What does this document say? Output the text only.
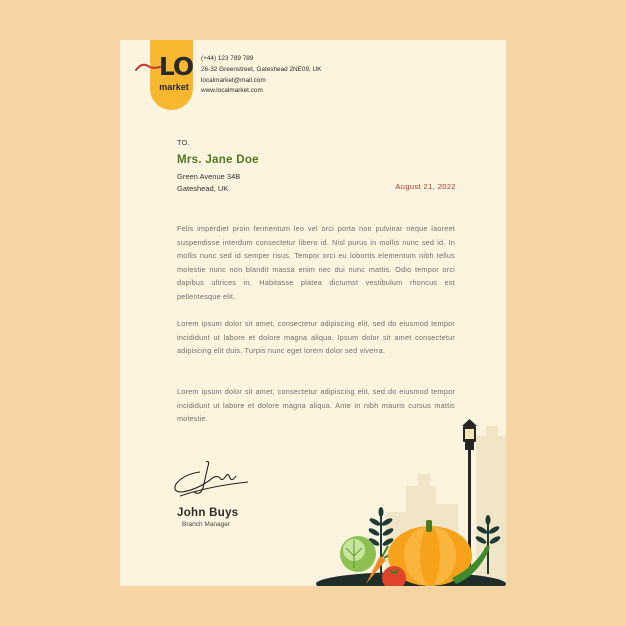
LO
market
(+44) 123 789 789
26-32 Greenstreet, Gateshead 2NE09, UK
localmarket@mail.com
www.localmarket.com
TO.
Mrs. Jane Doe
Green Avenue 34B
Gateshead, UK	August 21, 2022
Felis imperdiet proin fermentum leo vel orci porta non pulvinar neque laoreet suspendisse interdum consectetur libero id. Nisl purus in mollis nunc sed id. In mollis nunc sed id semper risus. Tempor orci eu lobortis elementum nibh tellus molestie nunc non blandit massa enim nec dui nunc mattis. Odio tempor orci dapibus ultrices in. Habitasse platea dictumst vestibulum rhoncus est pellentesque elit.
Lorem ipsum dolor sit amet, consectetur adipiscing elit, sed do eiusmod tempor incididunt ut labore et dolore magna aliqua. Ipsum dolor sit amet consectetur adipiscing elit duis. Turpis nunc eget lorem dolor sed viverra.
Lorem ipsum dolor sit amet, consectetur adipiscing elit, sed do eiusmod tempor incididunt ut labore et dolore magna aliqua. Ante in nibh mauris cursus mattis molestie.
John Buys
Branch Manager
